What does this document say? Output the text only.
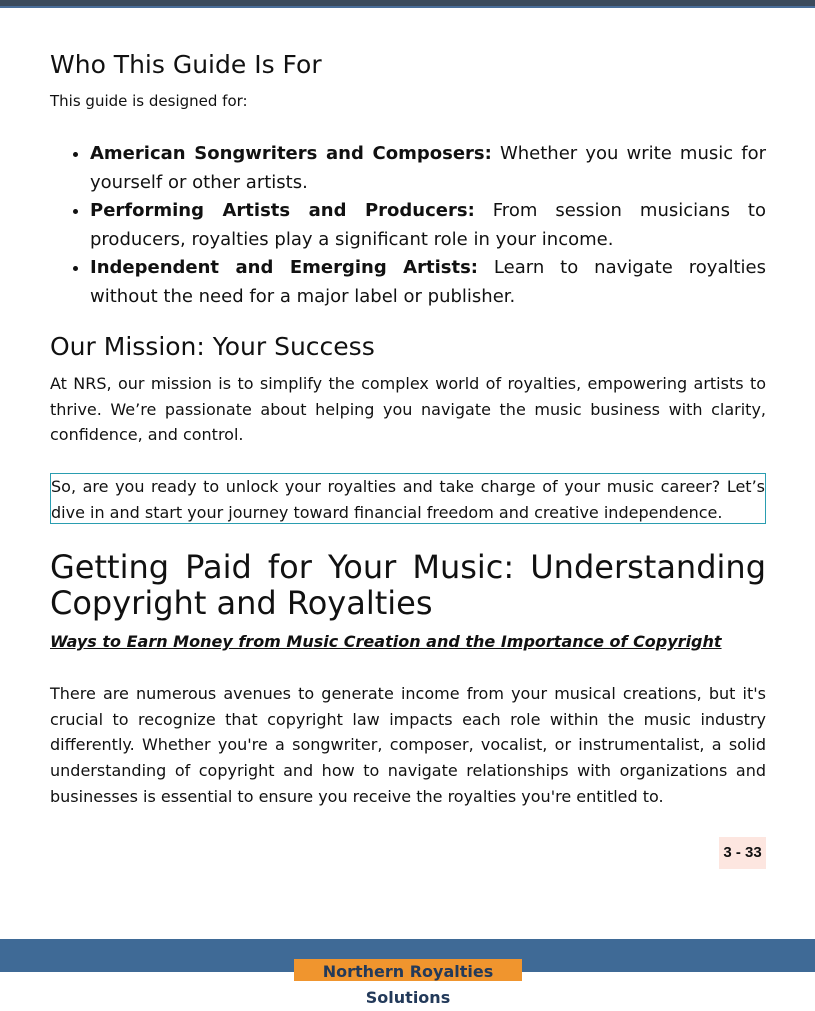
Who This Guide Is For
This guide is designed for:
• American Songwriters and Composers: Whether you write music for yourself or other artists.
• Performing Artists and Producers: From session musicians to producers, royalties play a significant role in your income.
• Independent and Emerging Artists: Learn to navigate royalties without the need for a major label or publisher.
Our Mission: Your Success
At NRS, our mission is to simplify the complex world of royalties, empowering artists to thrive. We’re passionate about helping you navigate the music business with clarity, confidence, and control.
So, are you ready to unlock your royalties and take charge of your music career? Let’s dive in and start your journey toward financial freedom and creative independence.
Getting Paid for Your Music: Understanding Copyright and Royalties
Ways to Earn Money from Music Creation and the Importance of Copyright
There are numerous avenues to generate income from your musical creations, but it's crucial to recognize that copyright law impacts each role within the music industry differently. Whether you're a songwriter, composer, vocalist, or instrumentalist, a solid understanding of copyright and how to navigate relationships with organizations and businesses is essential to ensure you receive the royalties you're entitled to.
3 - 33
Northern Royalties Solutions
